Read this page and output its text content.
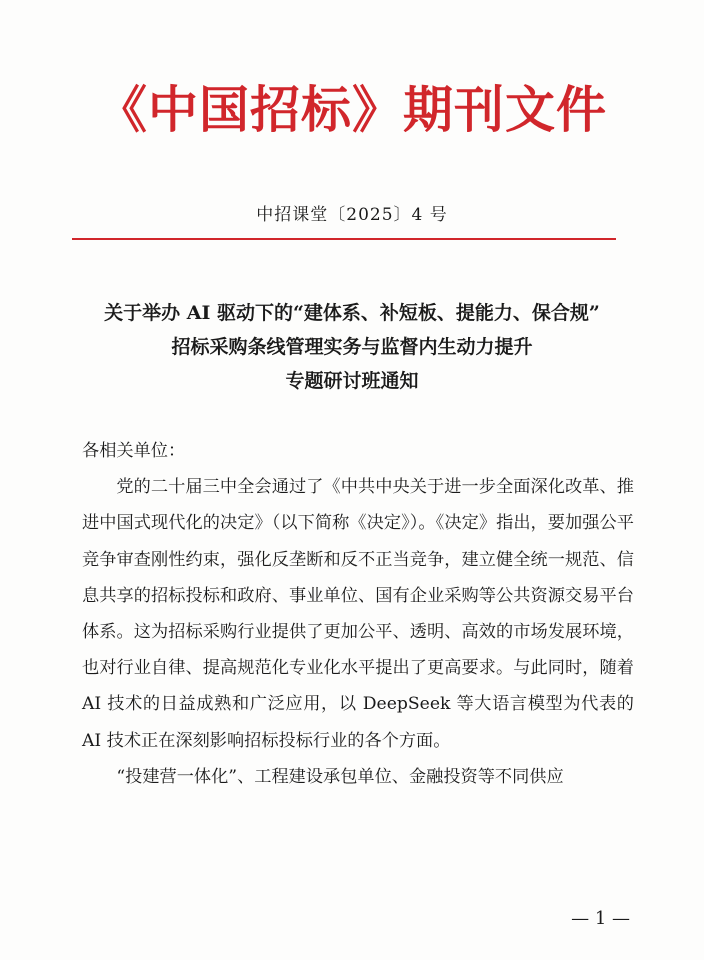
《中国招标》期刊文件
中招课堂〔2025〕4 号
关于举办 AI 驱动下的“建体系、补短板、提能力、保合规”
招标采购条线管理实务与监督内生动力提升
专题研讨班通知

各相关单位：

党的二十届三中全会通过了《中共中央关于进一步全面深化改革、推进中国式现代化的决定》（以下简称《决定》）。《决定》指出，要加强公平竞争审查刚性约束，强化反垄断和反不正当竞争，建立健全统一规范、信息共享的招标投标和政府、事业单位、国有企业采购等公共资源交易平台体系。这为招标采购行业提供了更加公平、透明、高效的市场发展环境，也对行业自律、提高规范化专业化水平提出了更高要求。与此同时，随着 AI 技术的日益成熟和广泛应用，以 DeepSeek 等大语言模型为代表的 AI 技术正在深刻影响招标投标行业的各个方面。

“投建营一体化”、工程建设承包单位、金融投资等不同供应

— 1 —
